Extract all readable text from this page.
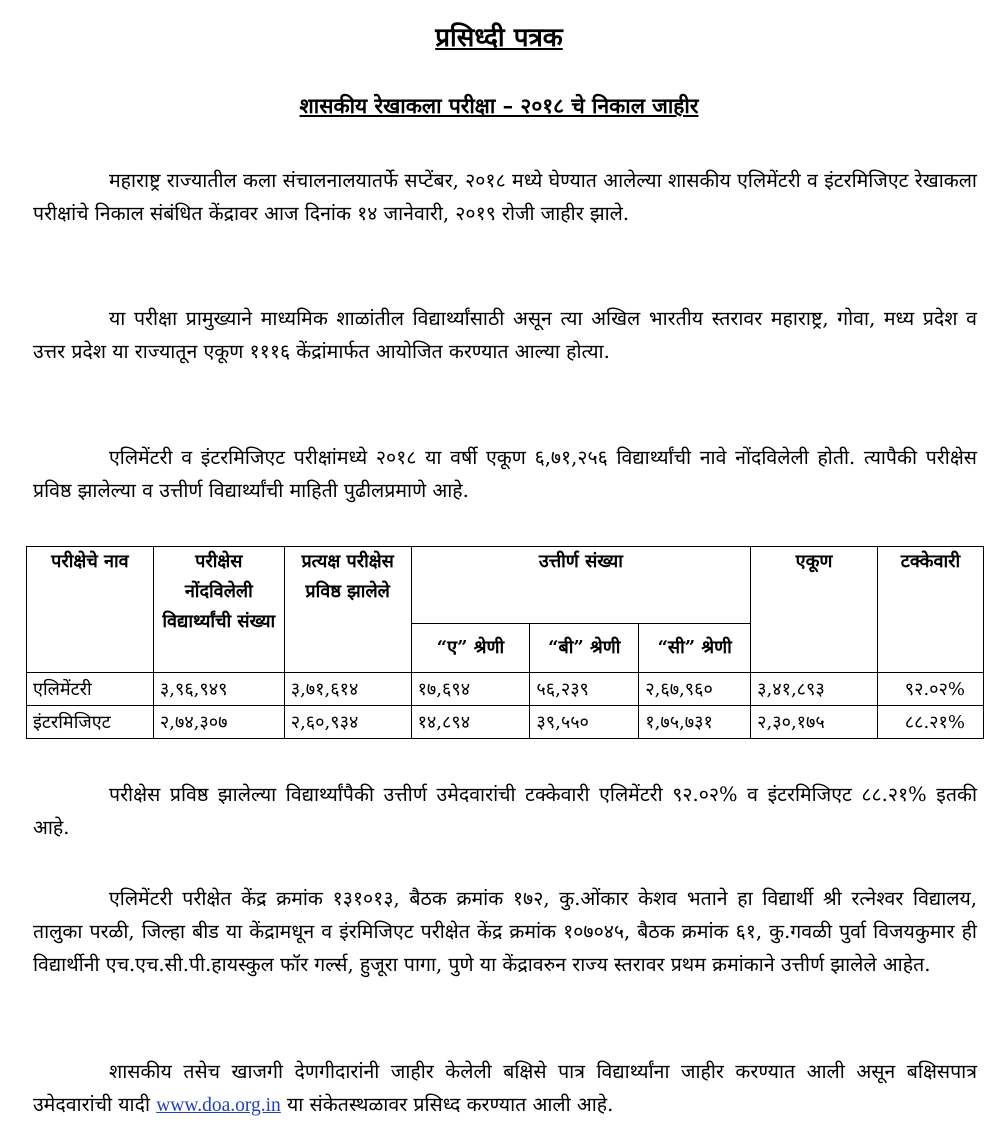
प्रसिध्दी पत्रक
शासकीय रेखाकला परीक्षा – २०१८ चे निकाल जाहीर

महाराष्ट्र राज्यातील कला संचालनालयातर्फे सप्टेंबर, २०१८ मध्ये घेण्यात आलेल्या शासकीय एलिमेंटरी व इंटरमिजिएट रेखाकला परीक्षांचे निकाल संबंधित केंद्रावर आज दिनांक १४ जानेवारी, २०१९ रोजी जाहीर झाले.

या परीक्षा प्रामुख्याने माध्यमिक शाळांतील विद्यार्थ्यांसाठी असून त्या अखिल भारतीय स्तरावर महाराष्ट्र, गोवा, मध्य प्रदेश व उत्तर प्रदेश या राज्यातून एकूण १११६ केंद्रांमार्फत आयोजित करण्यात आल्या होत्या.

एलिमेंटरी व इंटरमिजिएट परीक्षांमध्ये २०१८ या वर्षी एकूण ६,७१,२५६ विद्यार्थ्यांची नावे नोंदविलेली होती. त्यापैकी परीक्षेस प्रविष्ठ झालेल्या व उत्तीर्ण विद्यार्थ्यांची माहिती पुढीलप्रमाणे आहे.

परीक्षेचे नाव	परीक्षेस नोंदविलेली विद्यार्थ्यांची संख्या	प्रत्यक्ष परीक्षेस प्रविष्ठ झालेले	उत्तीर्ण संख्या			एकूण	टक्केवारी
			“ए” श्रेणी	“बी” श्रेणी	“सी” श्रेणी		
एलिमेंटरी	३,९६,९४९	३,७१,६१४	१७,६९४	५६,२३९	२,६७,९६०	३,४१,८९३	९२.०२%
इंटरमिजिएट	२,७४,३०७	२,६०,९३४	१४,८९४	३९,५५०	१,७५,७३१	२,३०,१७५	८८.२१%

परीक्षेस प्रविष्ठ झालेल्या विद्यार्थ्यांपैकी उत्तीर्ण उमेदवारांची टक्केवारी एलिमेंटरी ९२.०२% व इंटरमिजिएट ८८.२१% इतकी आहे.

एलिमेंटरी परीक्षेत केंद्र क्रमांक १३१०१३, बैठक क्रमांक १७२, कु.ओंकार केशव भताने हा विद्यार्थी श्री रत्नेश्वर विद्यालय, तालुका परळी, जिल्हा बीड या केंद्रामधून व इंरमिजिएट परीक्षेत केंद्र क्रमांक १०७०४५, बैठक क्रमांक ६१, कु.गवळी पुर्वा विजयकुमार ही विद्यार्थीनी एच.एच.सी.पी.हायस्कुल फॉर गर्ल्स, हुजूरा पागा, पुणे या केंद्रावरुन राज्य स्तरावर प्रथम क्रमांकाने उत्तीर्ण झालेले आहेत.

शासकीय तसेच खाजगी देणगीदारांनी जाहीर केलेली बक्षिसे पात्र विद्यार्थ्यांना जाहीर करण्यात आली असून बक्षिसपात्र उमेदवारांची यादी www.doa.org.in या संकेतस्थळावर प्रसिध्द करण्यात आली आहे.
